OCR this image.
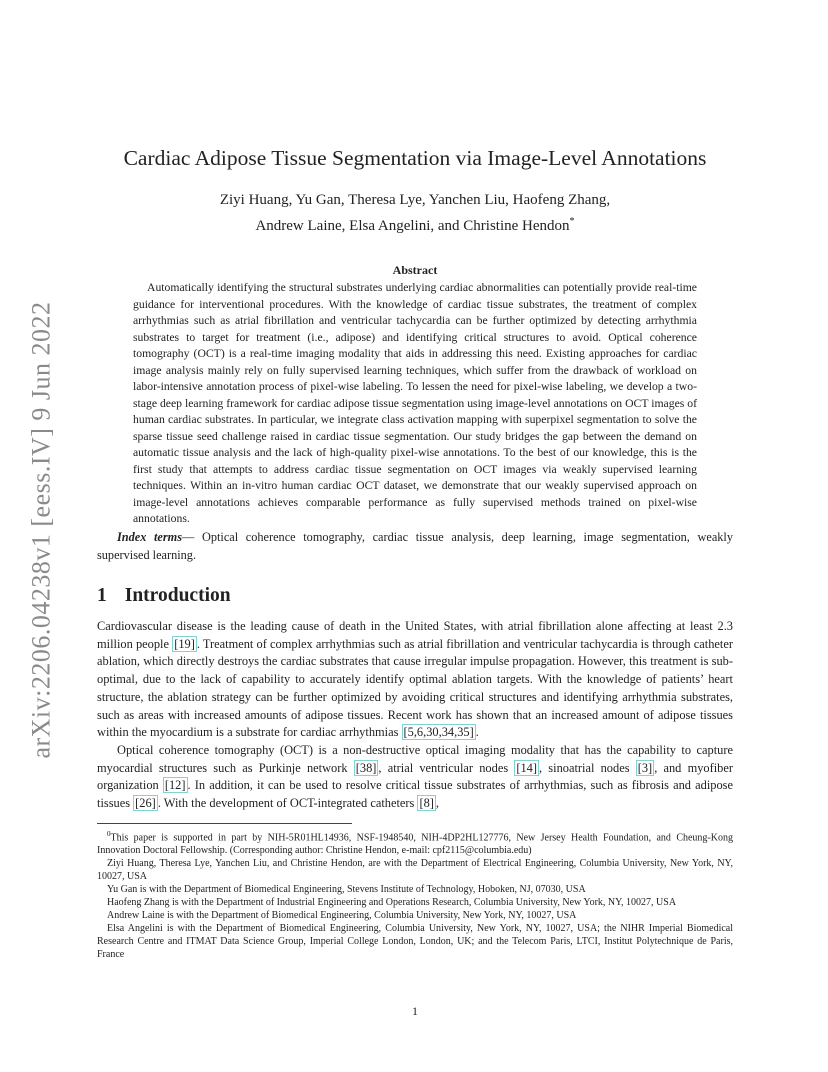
arXiv:2206.04238v1 [eess.IV] 9 Jun 2022
Cardiac Adipose Tissue Segmentation via Image-Level Annotations
Ziyi Huang, Yu Gan, Theresa Lye, Yanchen Liu, Haofeng Zhang,
Andrew Laine, Elsa Angelini, and Christine Hendon*
Abstract
Automatically identifying the structural substrates underlying cardiac abnormalities can potentially provide real-time guidance for interventional procedures. With the knowledge of cardiac tissue substrates, the treatment of complex arrhythmias such as atrial fibrillation and ventricular tachycardia can be further optimized by detecting arrhythmia substrates to target for treatment (i.e., adipose) and identifying critical structures to avoid. Optical coherence tomography (OCT) is a real-time imaging modality that aids in addressing this need. Existing approaches for cardiac image analysis mainly rely on fully supervised learning techniques, which suffer from the drawback of workload on labor-intensive annotation process of pixel-wise labeling. To lessen the need for pixel-wise labeling, we develop a two-stage deep learning framework for cardiac adipose tissue segmentation using image-level annotations on OCT images of human cardiac substrates. In particular, we integrate class activation mapping with superpixel segmentation to solve the sparse tissue seed challenge raised in cardiac tissue segmentation. Our study bridges the gap between the demand on automatic tissue analysis and the lack of high-quality pixel-wise annotations. To the best of our knowledge, this is the first study that attempts to address cardiac tissue segmentation on OCT images via weakly supervised learning techniques. Within an in-vitro human cardiac OCT dataset, we demonstrate that our weakly supervised approach on image-level annotations achieves comparable performance as fully supervised methods trained on pixel-wise annotations.
Index terms— Optical coherence tomography, cardiac tissue analysis, deep learning, image segmentation, weakly supervised learning.
1 Introduction

Cardiovascular disease is the leading cause of death in the United States, with atrial fibrillation alone affecting at least 2.3 million people [19] . Treatment of complex arrhythmias such as atrial fibrillation and ventricular tachycardia is through catheter ablation, which directly destroys the cardiac substrates that cause irregular impulse propagation. However, this treatment is sub-optimal, due to the lack of capability to accurately identify optimal ablation targets. With the knowledge of patients’ heart structure, the ablation strategy can be further optimized by avoiding critical structures and identifying arrhythmia substrates, such as areas with increased amounts of adipose tissues. Recent work has shown that an increased amount of adipose tissues within the myocardium is a substrate for cardiac arrhythmias [5,6,30,34,35] .

Optical coherence tomography (OCT) is a non-destructive optical imaging modality that has the capability to capture myocardial structures such as Purkinje network [38] , atrial ventricular nodes [14] , sinoatrial nodes [3] , and myofiber organization [12] . In addition, it can be used to resolve critical tissue substrates of arrhythmias, such as fibrosis and adipose tissues [26] . With the development of OCT-integrated catheters [8] ,

$^0$This paper is supported in part by NIH-5R01HL14936, NSF-1948540, NIH-4DP2HL127776, New Jersey Health Foundation, and Cheung-Kong Innovation Doctoral Fellowship. (Corresponding author: Christine Hendon, e-mail: cpf2115@columbia.edu)

Ziyi Huang, Theresa Lye, Yanchen Liu, and Christine Hendon, are with the Department of Electrical Engineering, Columbia University, New York, NY, 10027, USA

Yu Gan is with the Department of Biomedical Engineering, Stevens Institute of Technology, Hoboken, NJ, 07030, USA

Haofeng Zhang is with the Department of Industrial Engineering and Operations Research, Columbia University, New York, NY, 10027, USA

Andrew Laine is with the Department of Biomedical Engineering, Columbia University, New York, NY, 10027, USA

Elsa Angelini is with the Department of Biomedical Engineering, Columbia University, New York, NY, 10027, USA; the NIHR Imperial Biomedical Research Centre and ITMAT Data Science Group, Imperial College London, London, UK; and the Telecom Paris, LTCI, Institut Polytechnique de Paris, France

1
